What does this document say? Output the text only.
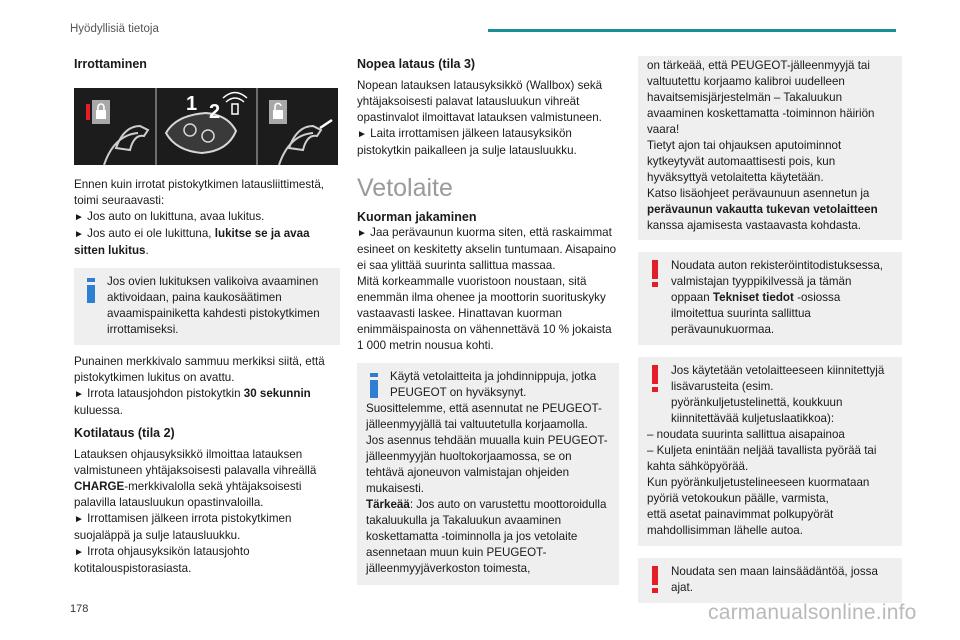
Hyödyllisiä tietoja
Irrottaminen
1 2

Ennen kuin irrotat pistokytkimen latausliittimestä, toimi seuraavasti:

► Jos auto on lukittuna, avaa lukitus.

► Jos auto ei ole lukittuna, lukitse se ja avaa sitten lukitus.

Jos ovien lukituksen valikoiva avaaminen aktivoidaan, paina kaukosäätimen avaamispainiketta kahdesti pistokytkimen irrottamiseksi.

Punainen merkkivalo sammuu merkiksi siitä, että pistokytkimen lukitus on avattu.

► Irrota latausjohdon pistokytkin 30 sekunnin kuluessa.

Kotilataus (tila 2)

Latauksen ohjausyksikkö ilmoittaa latauksen valmistuneen yhtäjaksoisesti palavalla vihreällä CHARGE-merkkivalolla sekä yhtäjaksoisesti palavilla latausluukun opastinvaloilla.

► Irrottamisen jälkeen irrota pistokytkimen suojaläppä ja sulje latausluukku.

► Irrota ohjausyksikön latausjohto kotitalouspistorasiasta.

Nopea lataus (tila 3)

Nopean latauksen latausyksikkö (Wallbox) sekä yhtäjaksoisesti palavat latausluukun vihreät opastinvalot ilmoittavat latauksen valmistuneen.

► Laita irrottamisen jälkeen latausyksikön pistokytkin paikalleen ja sulje latausluukku.

Vetolaite
Kuorman jakaminen

► Jaa perävaunun kuorma siten, että raskaimmat esineet on keskitetty akselin tuntumaan. Aisapaino ei saa ylittää suurinta sallittua massaa.

Mitä korkeammalle vuoristoon noustaan, sitä enemmän ilma ohenee ja moottorin suorituskyky vastaavasti laskee. Hinattavan kuorman enimmäispainosta on vähennettävä 10 % jokaista 1 000 metrin nousua kohti.

Käytä vetolaitteita ja johdinnippuja, jotka PEUGEOT on hyväksynyt.

Suosittelemme, että asennutat ne PEUGEOT-jälleenmyyjällä tai valtuutetulla korjaamolla.

Jos asennus tehdään muualla kuin PEUGEOT-jälleenmyyjän huoltokorjaamossa, se on tehtävä ajoneuvon valmistajan ohjeiden mukaisesti.

Tärkeää: Jos auto on varustettu moottoroidulla takaluukulla ja Takaluukun avaaminen koskettamatta -toiminnolla ja jos vetolaite asennetaan muun kuin PEUGEOT-jälleenmyyjäverkoston toimesta,

on tärkeää, että PEUGEOT-jälleenmyyjä tai valtuutettu korjaamo kalibroi uudelleen havaitsemisjärjestelmän – Takaluukun avaaminen koskettamatta -toiminnon häiriön vaara!

Tietyt ajon tai ohjauksen aputoiminnot kytkeytyvät automaattisesti pois, kun hyväksyttyä vetolaitetta käytetään.

Katso lisäohjeet perävaunuun asennetun ja perävaunun vakautta tukevan vetolaitteen kanssa ajamisesta vastaavasta kohdasta.

Noudata auton rekisteröintitodistuksessa, valmistajan tyyppikilvessä ja tämän oppaan Tekniset tiedot -osiossa ilmoitettua suurinta sallittua perävaunukuormaa.

Jos käytetään vetolaitteeseen kiinnitettyjä lisävarusteita (esim. pyöränkuljetustelinettä, koukkuun kiinnitettävää kuljetuslaatikkoa):

– noudata suurinta sallittua aisapainoa

– Kuljeta enintään neljää tavallista pyörää tai kahta sähköpyörää.

Kun pyöränkuljetustelineeseen kuormataan pyöriä vetokoukun päälle, varmista,

että asetat painavimmat polkupyörät mahdollisimman lähelle autoa.

Noudata sen maan lainsäädäntöä, jossa ajat.

178	carmanualsonline.info
